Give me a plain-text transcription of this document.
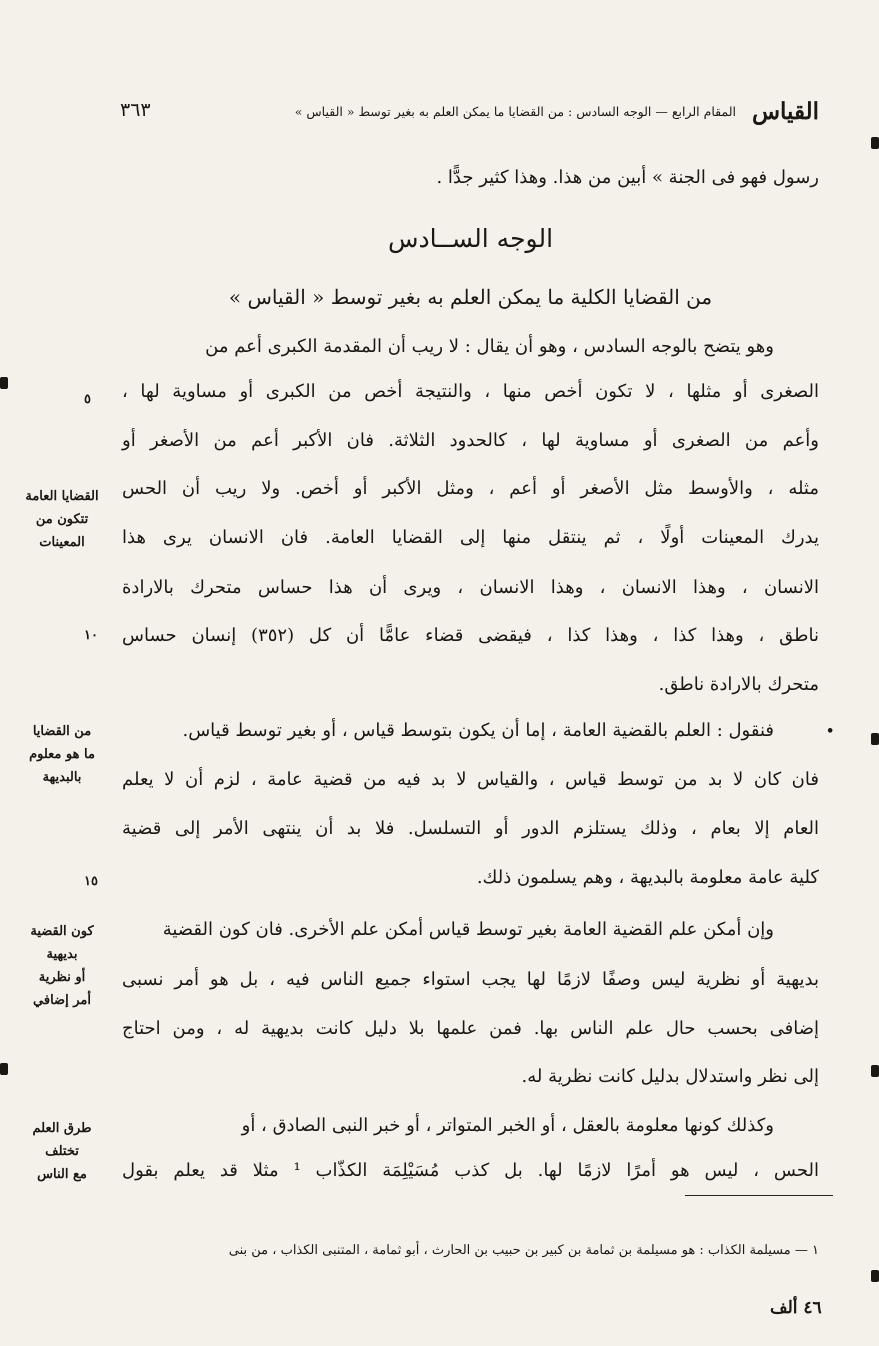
القياس
المقام الرابع — الوجه السادس : من القضايا ما يمكن العلم به بغير توسط « القياس »
٣٦٣
رسول فهو فى الجنة » أبين من هذا. وهذا كثير جدًّا .
الوجه الســادس
من القضايا الكلية ما يمكن العلم به بغير توسط « القياس »
وهو يتضح بالوجه السادس ، وهو أن يقال : لا ريب أن المقدمة الكبرى أعم من
الصغرى أو مثلها ، لا تكون أخص منها ، والنتيجة أخص من الكبرى أو مساوية لها ،
وأعم من الصغرى أو مساوية لها ، كالحدود الثلاثة. فان الأكبر أعم من الأصغر أو
مثله ، والأوسط مثل الأصغر أو أعم ، ومثل الأكبر أو أخص. ولا ريب أن الحس
يدرك المعينات أولًا ، ثم ينتقل منها إلى القضايا العامة. فان الانسان يرى هذا
الانسان ، وهذا الانسان ، وهذا الانسان ، ويرى أن هذا حساس متحرك بالارادة
ناطق ، وهذا كذا ، وهذا كذا ، فيقضى قضاء عامًّا أن كل (٣٥٢) إنسان حساس
متحرك بالارادة ناطق.
فنقول : العلم بالقضية العامة ، إما أن يكون بتوسط قياس ، أو بغير توسط قياس.
فان كان لا بد من توسط قياس ، والقياس لا بد فيه من قضية عامة ، لزم أن لا يعلم
العام إلا بعام ، وذلك يستلزم الدور أو التسلسل. فلا بد أن ينتهى الأمر إلى قضية
كلية عامة معلومة بالبديهة ، وهم يسلمون ذلك.
وإن أمكن علم القضية العامة بغير توسط قياس أمكن علم الأخرى. فان كون القضية
بديهية أو نظرية ليس وصفًا لازمًا لها يجب استواء جميع الناس فيه ، بل هو أمر نسبى
إضافى بحسب حال علم الناس بها. فمن علمها بلا دليل كانت بديهية له ، ومن احتاج
إلى نظر واستدلال بدليل كانت نظرية له.
وكذلك كونها معلومة بالعقل ، أو الخبر المتواتر ، أو خبر النبى الصادق ، أو
الحس ، ليس هو أمرًا لازمًا لها. بل كذب مُسَيْلِمَة الكذّاب ¹ مثلا قد يعلم بقول
٥
١٠
١٥
•
القضايا العامة
تتكون من
المعينات
من القضايا
ما هو معلوم
بالبديهة
كون القضية
بديهية
أو نظرية
أمر إضافي
طرق العلم
تختلف
مع الناس
١ — مسيلمة الكذاب : هو مسيلمة بن ثمامة بن كبير بن حبيب بن الحارث ، أبو ثمامة ، المتنبى الكذاب ، من بنى
٤٦ ألف
